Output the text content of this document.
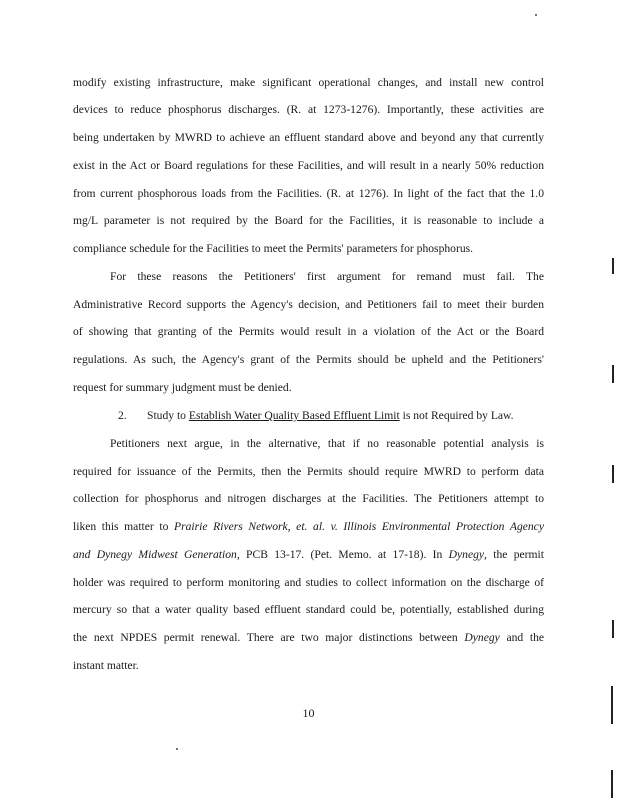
modify existing infrastructure, make significant operational changes, and install new control
devices to reduce phosphorus discharges. (R. at 1273-1276). Importantly, these activities are
being undertaken by MWRD to achieve an effluent standard above and beyond any that currently
exist in the Act or Board regulations for these Facilities, and will result in a nearly 50% reduction
from current phosphorous loads from the Facilities. (R. at 1276). In light of the fact that the 1.0
mg/L parameter is not required by the Board for the Facilities, it is reasonable to include a
compliance schedule for the Facilities to meet the Permits' parameters for phosphorus.
For these reasons the Petitioners' first argument for remand must fail. The
Administrative Record supports the Agency's decision, and Petitioners fail to meet their burden
of showing that granting of the Permits would result in a violation of the Act or the Board
regulations. As such, the Agency's grant of the Permits should be upheld and the Petitioners'
request for summary judgment must be denied.
2.	Study to Establish Water Quality Based Effluent Limit is not Required by Law.
Petitioners next argue, in the alternative, that if no reasonable potential analysis is
required for issuance of the Permits, then the Permits should require MWRD to perform data
collection for phosphorus and nitrogen discharges at the Facilities. The Petitioners attempt to
liken this matter to Prairie Rivers Network, et. al. v. Illinois Environmental Protection Agency
and Dynegy Midwest Generation, PCB 13-17. (Pet. Memo. at 17-18). In Dynegy, the permit
holder was required to perform monitoring and studies to collect information on the discharge of
mercury so that a water quality based effluent standard could be, potentially, established during
the next NPDES permit renewal. There are two major distinctions between Dynegy and the
instant matter.
10
